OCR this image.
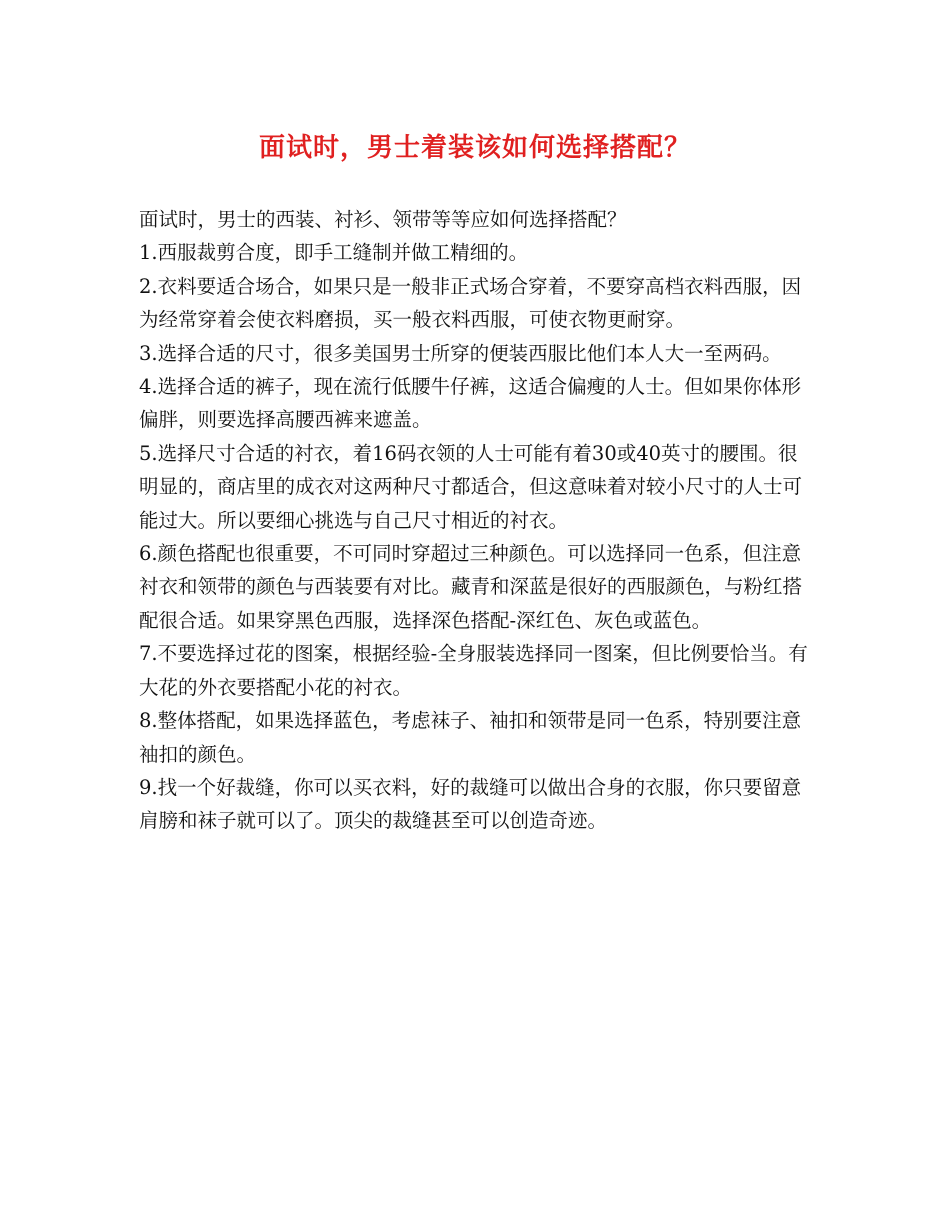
面试时，男士着装该如何选择搭配？

面试时，男士的西装、衬衫、领带等等应如何选择搭配？

1.西服裁剪合度，即手工缝制并做工精细的。

2.衣料要适合场合，如果只是一般非正式场合穿着，不要穿高档衣料西服，因为经常穿着会使衣料磨损，买一般衣料西服，可使衣物更耐穿。

3.选择合适的尺寸，很多美国男士所穿的便装西服比他们本人大一至两码。

4.选择合适的裤子，现在流行低腰牛仔裤，这适合偏瘦的人士。但如果你体形偏胖，则要选择高腰西裤来遮盖。

5.选择尺寸合适的衬衣，着16码衣领的人士可能有着30或40英寸的腰围。很明显的，商店里的成衣对这两种尺寸都适合，但这意味着对较小尺寸的人士可能过大。所以要细心挑选与自己尺寸相近的衬衣。

6.颜色搭配也很重要，不可同时穿超过三种颜色。可以选择同一色系，但注意衬衣和领带的颜色与西装要有对比。藏青和深蓝是很好的西服颜色，与粉红搭配很合适。如果穿黑色西服，选择深色搭配-深红色、灰色或蓝色。

7.不要选择过花的图案，根据经验-全身服装选择同一图案，但比例要恰当。有大花的外衣要搭配小花的衬衣。

8.整体搭配，如果选择蓝色，考虑袜子、袖扣和领带是同一色系，特别要注意袖扣的颜色。

9.找一个好裁缝，你可以买衣料，好的裁缝可以做出合身的衣服，你只要留意肩膀和袜子就可以了。顶尖的裁缝甚至可以创造奇迹。
